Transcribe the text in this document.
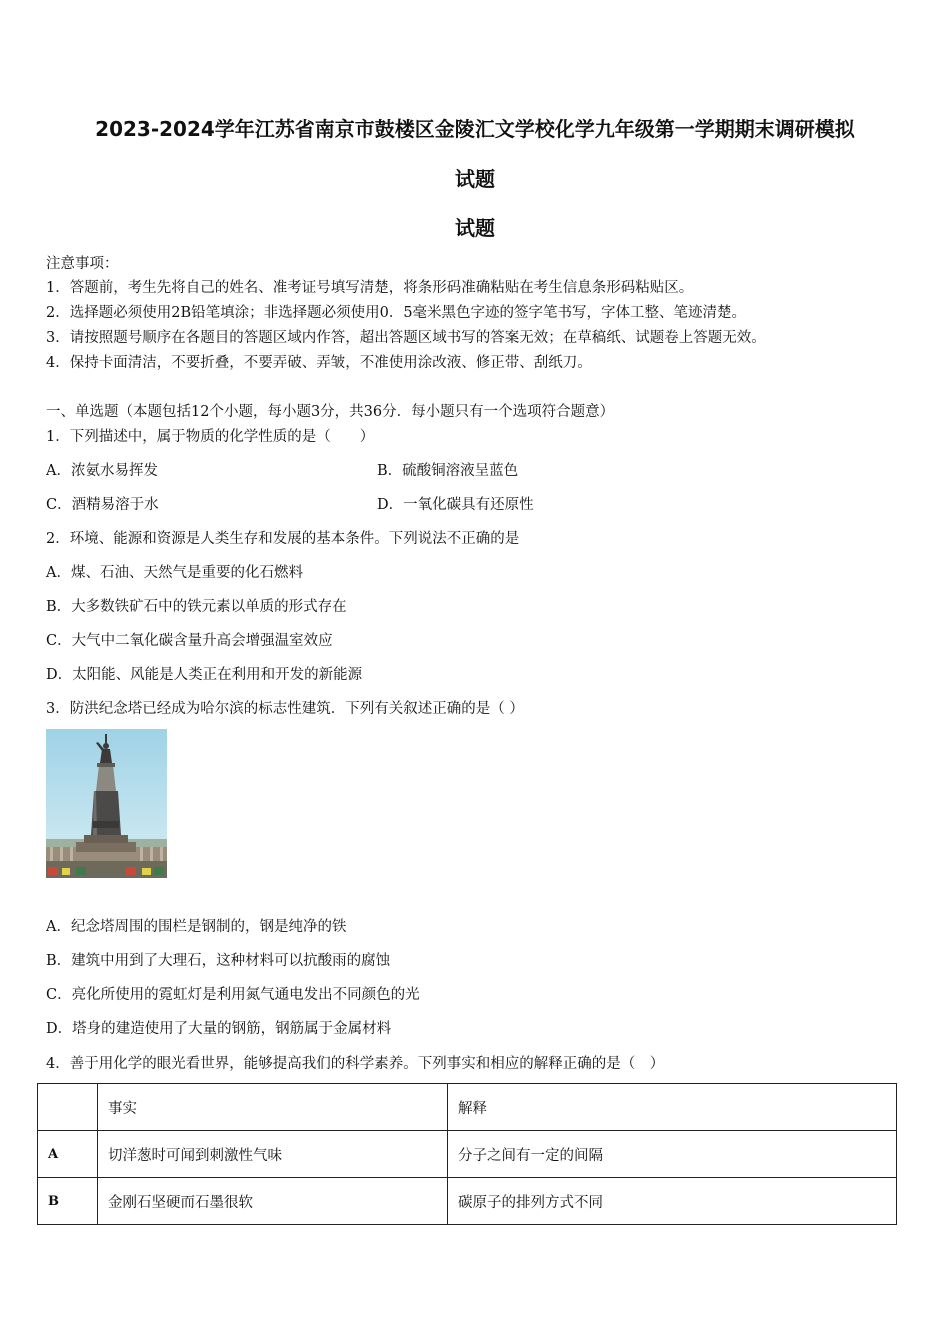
2023-2024学年江苏省南京市鼓楼区金陵汇文学校化学九年级第一学期期末调研模拟
试题
试题
注意事项：
1．答题前，考生先将自己的姓名、准考证号填写清楚，将条形码准确粘贴在考生信息条形码粘贴区。
2．选择题必须使用2B铅笔填涂；非选择题必须使用0．5毫米黑色字迹的签字笔书写，字体工整、笔迹清楚。
3．请按照题号顺序在各题目的答题区域内作答，超出答题区域书写的答案无效；在草稿纸、试题卷上答题无效。
4．保持卡面清洁，不要折叠，不要弄破、弄皱，不准使用涂改液、修正带、刮纸刀。
一、单选题（本题包括12个小题，每小题3分，共36分．每小题只有一个选项符合题意）
1．下列描述中，属于物质的化学性质的是（　　）
A．浓氨水易挥发	B．硫酸铜溶液呈蓝色
C．酒精易溶于水	D．一氧化碳具有还原性
2．环境、能源和资源是人类生存和发展的基本条件。下列说法不正确的是
A．煤、石油、天然气是重要的化石燃料
B．大多数铁矿石中的铁元素以单质的形式存在
C．大气中二氧化碳含量升高会增强温室效应
D．太阳能、风能是人类正在利用和开发的新能源
3．防洪纪念塔已经成为哈尔滨的标志性建筑．下列有关叙述正确的是（ ）
A．纪念塔周围的围栏是钢制的，钢是纯净的铁
B．建筑中用到了大理石，这种材料可以抗酸雨的腐蚀
C．亮化所使用的霓虹灯是利用氮气通电发出不同颜色的光
D．塔身的建造使用了大量的钢筋，钢筋属于金属材料
4．善于用化学的眼光看世界，能够提高我们的科学素养。下列事实和相应的解释正确的是（　）
	事实	解释
A	切洋葱时可闻到刺激性气味	分子之间有一定的间隔
B	金刚石坚硬而石墨很软	碳原子的排列方式不同
